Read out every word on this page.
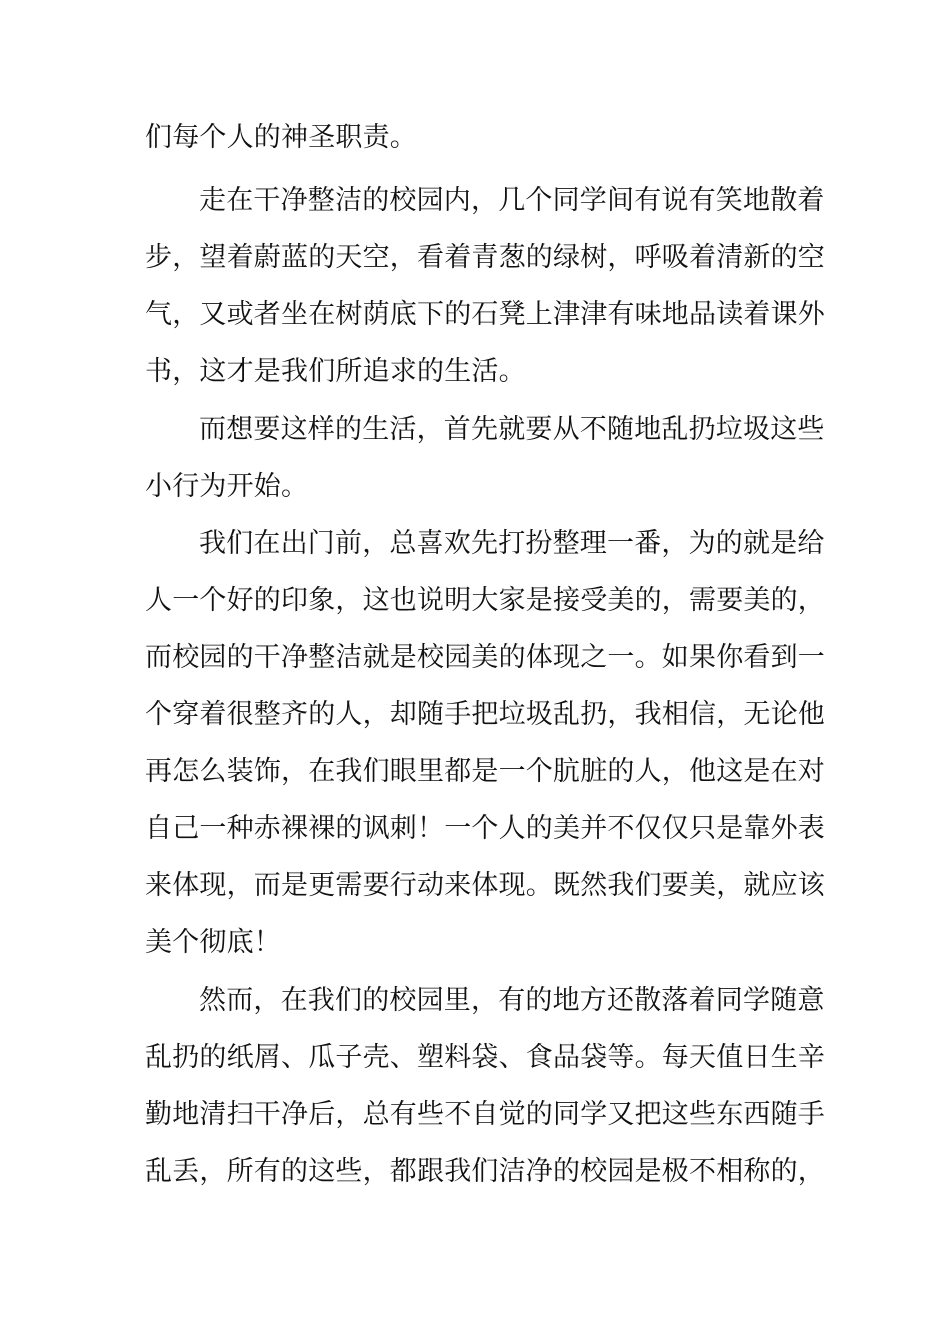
们每个人的神圣职责。
走在干净整洁的校园内，几个同学间有说有笑地散着
步，望着蔚蓝的天空，看着青葱的绿树，呼吸着清新的空
气，又或者坐在树荫底下的石凳上津津有味地品读着课外
书，这才是我们所追求的生活。
而想要这样的生活，首先就要从不随地乱扔垃圾这些
小行为开始。
我们在出门前，总喜欢先打扮整理一番，为的就是给
人一个好的印象，这也说明大家是接受美的，需要美的，
而校园的干净整洁就是校园美的体现之一。如果你看到一
个穿着很整齐的人，却随手把垃圾乱扔，我相信，无论他
再怎么装饰，在我们眼里都是一个肮脏的人，他这是在对
自己一种赤裸裸的讽刺！一个人的美并不仅仅只是靠外表
来体现，而是更需要行动来体现。既然我们要美，就应该
美个彻底！
然而，在我们的校园里，有的地方还散落着同学随意
乱扔的纸屑、瓜子壳、塑料袋、食品袋等。每天值日生辛
勤地清扫干净后，总有些不自觉的同学又把这些东西随手
乱丢，所有的这些，都跟我们洁净的校园是极不相称的，
